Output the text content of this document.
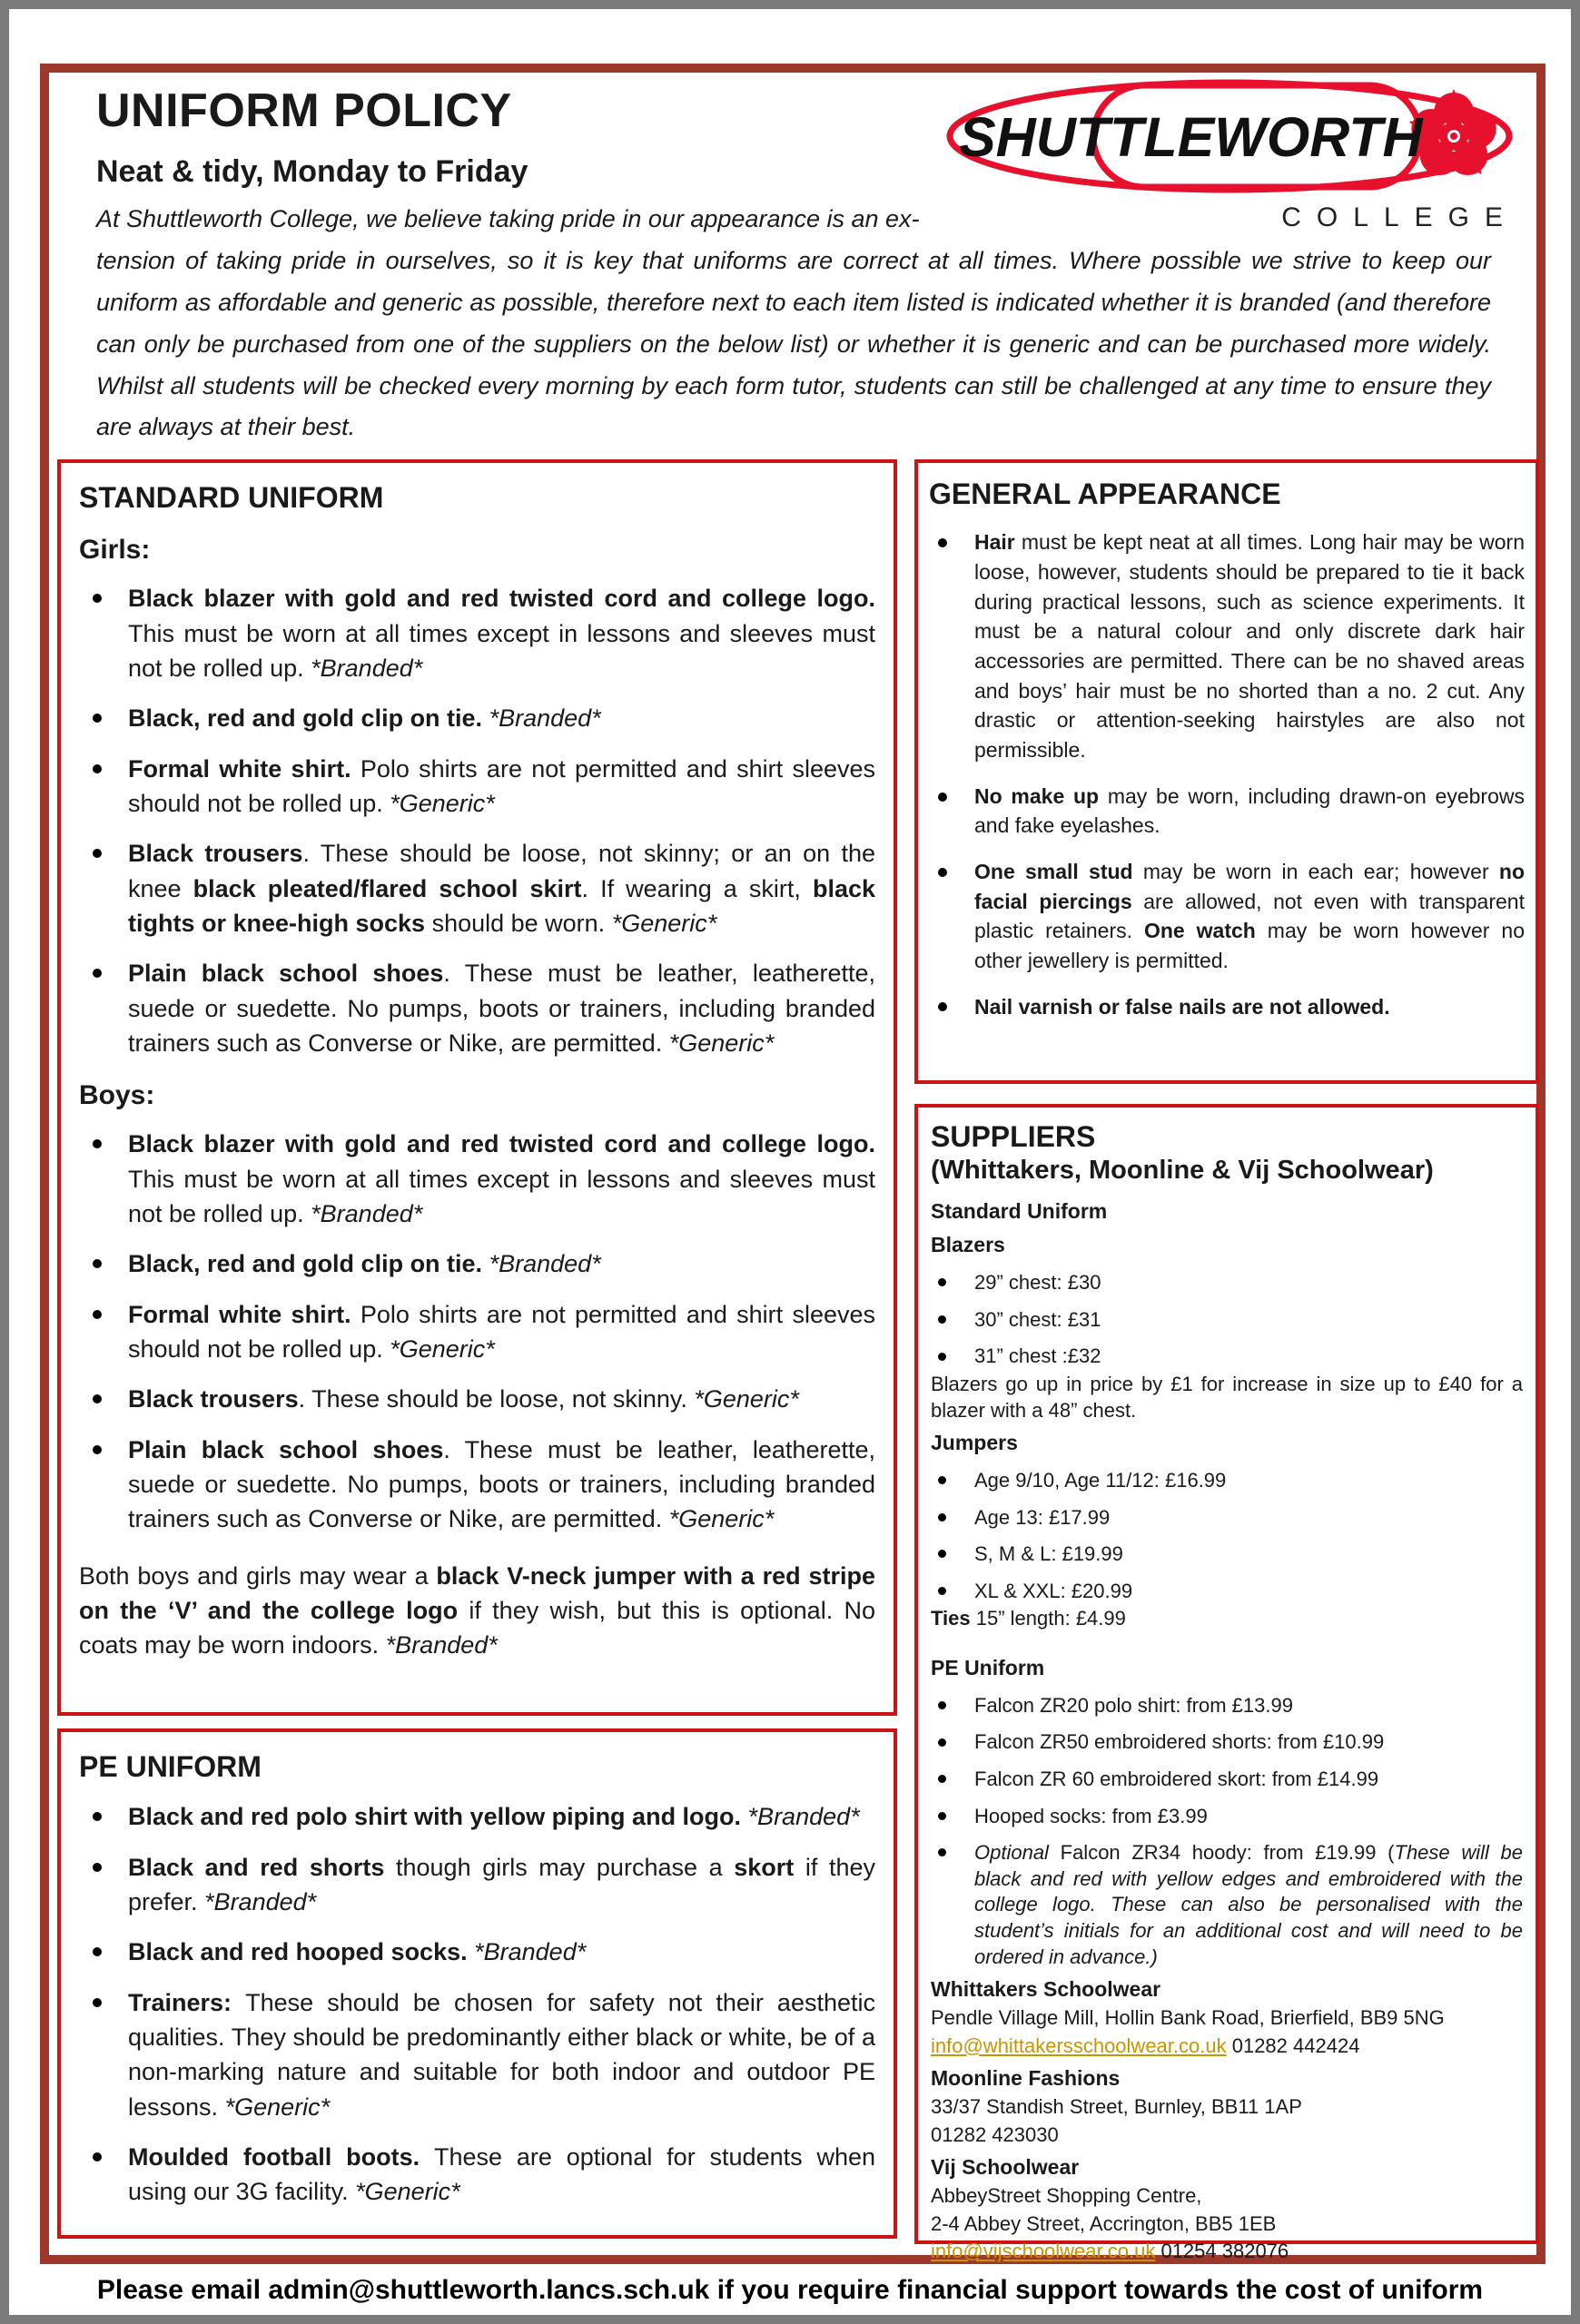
SHUTTLEWORTH
COLLEGE
UNIFORM POLICY
Neat & tidy, Monday to Friday

At Shuttleworth College, we believe taking pride in our appearance is an ex-

tension of taking pride in ourselves, so it is key that uniforms are correct at all times. Where possible we strive to keep our uniform as affordable and generic as possible, therefore next to each item listed is indicated whether it is branded (and therefore can only be purchased from one of the suppliers on the below list) or whether it is generic and can be purchased more widely. Whilst all students will be checked every morning by each form tutor, students can still be challenged at any time to ensure they are always at their best.

STANDARD UNIFORM
Girls:
Black blazer with gold and red twisted cord and college logo. This must be worn at all times except in lessons and sleeves must not be rolled up. *Branded*
Black, red and gold clip on tie. *Branded*
Formal white shirt. Polo shirts are not permitted and shirt sleeves should not be rolled up. *Generic*
Black trousers. These should be loose, not skinny; or an on the knee black pleated/flared school skirt. If wearing a skirt, black tights or knee-high socks should be worn. *Generic*
Plain black school shoes. These must be leather, leatherette, suede or suedette. No pumps, boots or trainers, including branded trainers such as Converse or Nike, are permitted. *Generic*
Boys:
Black blazer with gold and red twisted cord and college logo. This must be worn at all times except in lessons and sleeves must not be rolled up. *Branded*
Black, red and gold clip on tie. *Branded*
Formal white shirt. Polo shirts are not permitted and shirt sleeves should not be rolled up. *Generic*
Black trousers. These should be loose, not skinny. *Generic*
Plain black school shoes. These must be leather, leatherette, suede or suedette. No pumps, boots or trainers, including branded trainers such as Converse or Nike, are permitted. *Generic*

Both boys and girls may wear a black V-neck jumper with a red stripe on the ‘V’ and the college logo if they wish, but this is optional. No coats may be worn indoors. *Branded*

PE UNIFORM
Black and red polo shirt with yellow piping and logo. *Branded*
Black and red shorts though girls may purchase a skort if they prefer. *Branded*
Black and red hooped socks. *Branded*
Trainers: These should be chosen for safety not their aesthetic qualities. They should be predominantly either black or white, be of a non-marking nature and suitable for both indoor and outdoor PE lessons. *Generic*
Moulded football boots. These are optional for students when using our 3G facility. *Generic*
GENERAL APPEARANCE
Hair must be kept neat at all times. Long hair may be worn loose, however, students should be prepared to tie it back during practical lessons, such as science experiments. It must be a natural colour and only discrete dark hair accessories are permitted. There can be no shaved areas and boys’ hair must be no shorted than a no. 2 cut. Any drastic or attention-seeking hairstyles are also not permissible.
No make up may be worn, including drawn-on eyebrows and fake eyelashes.
One small stud may be worn in each ear; however no facial piercings are allowed, not even with transparent plastic retainers. One watch may be worn however no other jewellery is permitted.
Nail varnish or false nails are not allowed.
SUPPLIERS
(Whittakers, Moonline & Vij Schoolwear)
Standard Uniform
Blazers
29” chest: £30
30” chest: £31
31” chest :£32
Blazers go up in price by £1 for increase in size up to £40 for a blazer with a 48” chest.
Jumpers
Age 9/10, Age 11/12: £16.99
Age 13: £17.99
S, M & L: £19.99
XL & XXL: £20.99
Ties 15” length: £4.99
PE Uniform
Falcon ZR20 polo shirt: from £13.99
Falcon ZR50 embroidered shorts: from £10.99
Falcon ZR 60 embroidered skort: from £14.99
Hooped socks: from £3.99
Optional Falcon ZR34 hoody: from £19.99 (These will be black and red with yellow edges and embroidered with the college logo. These can also be personalised with the student’s initials for an additional cost and will need to be ordered in advance.)
Whittakers Schoolwear
Pendle Village Mill, Hollin Bank Road, Brierfield, BB9 5NG
info@whittakersschoolwear.co.uk 01282 442424
Moonline Fashions
33/37 Standish Street, Burnley, BB11 1AP
01282 423030
Vij Schoolwear
AbbeyStreet Shopping Centre,
2-4 Abbey Street, Accrington, BB5 1EB
info@vijschoolwear.co.uk 01254 382076
Please email admin@shuttleworth.lancs.sch.uk if you require financial support towards the cost of uniform
